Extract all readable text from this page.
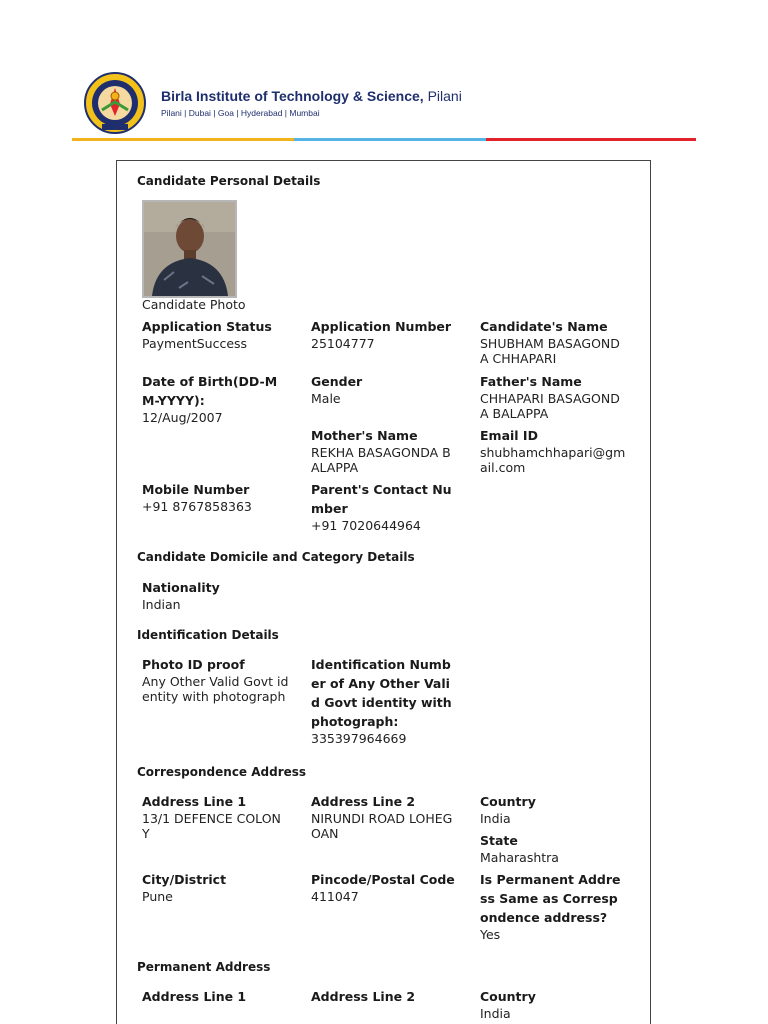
Birla Institute of Technology & Science, Pilani
Pilani | Dubai | Goa | Hyderabad | Mumbai
Candidate Personal Details
Candidate Photo
Application Status
PaymentSuccess
Application Number
25104777
Candidate's Name
SHUBHAM BASAGONDA CHHAPARI
Date of Birth(DD-MM-YYYY):
12/Aug/2007
Gender
Male
Father's Name
CHHAPARI BASAGONDA BALAPPA
Mother's Name
REKHA BASAGONDA BALAPPA
Email ID
shubhamchhapari@gmail.com
Mobile Number
+91 8767858363
Parent's Contact Number
+91 7020644964
Candidate Domicile and Category Details
Nationality
Indian
Identification Details
Photo ID proof
Any Other Valid Govt identity with photograph
Identification Number of Any Other Valid Govt identity with photograph:
335397964669
Correspondence Address
Address Line 1
13/1 DEFENCE COLONY
Address Line 2
NIRUNDI ROAD LOHEGOAN
Country
India
State
Maharashtra
City/District
Pune
Pincode/Postal Code
411047
Is Permanent Address Same as Correspondence address?
Yes
Permanent Address
Address Line 1	Address Line 2	Country
India
